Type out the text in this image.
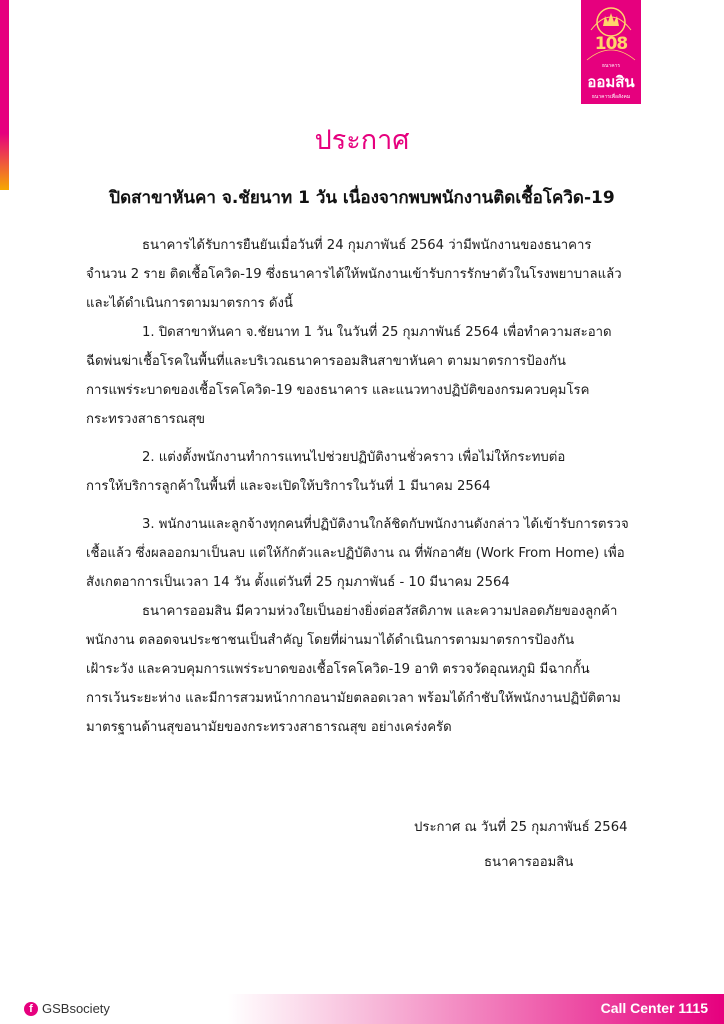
108
ธนาคาร
ออมสิน
ธนาคารเพื่อสังคม
ประกาศ
ปิดสาขาหันคา จ.ชัยนาท 1 วัน เนื่องจากพบพนักงานติดเชื้อโควิด-19

ธนาคารได้รับการยืนยันเมื่อวันที่ 24 กุมภาพันธ์ 2564 ว่ามีพนักงานของธนาคาร
จำนวน 2 ราย ติดเชื้อโควิด-19 ซึ่งธนาคารได้ให้พนักงานเข้ารับการรักษาตัวในโรงพยาบาลแล้ว
และได้ดำเนินการตามมาตรการ ดังนี้

1. ปิดสาขาหันคา จ.ชัยนาท 1 วัน ในวันที่ 25 กุมภาพันธ์ 2564 เพื่อทำความสะอาด
ฉีดพ่นฆ่าเชื้อโรคในพื้นที่และบริเวณธนาคารออมสินสาขาหันคา ตามมาตรการป้องกัน
การแพร่ระบาดของเชื้อโรคโควิด-19 ของธนาคาร และแนวทางปฏิบัติของกรมควบคุมโรค
กระทรวงสาธารณสุข

2. แต่งตั้งพนักงานทำการแทนไปช่วยปฏิบัติงานชั่วคราว เพื่อไม่ให้กระทบต่อ
การให้บริการลูกค้าในพื้นที่ และจะเปิดให้บริการในวันที่ 1 มีนาคม 2564

3. พนักงานและลูกจ้างทุกคนที่ปฏิบัติงานใกล้ชิดกับพนักงานดังกล่าว ได้เข้ารับการตรวจ
เชื้อแล้ว ซึ่งผลออกมาเป็นลบ แต่ให้กักตัวและปฏิบัติงาน ณ ที่พักอาศัย (Work From Home) เพื่อ
สังเกตอาการเป็นเวลา 14 วัน ตั้งแต่วันที่ 25 กุมภาพันธ์ - 10 มีนาคม 2564

ธนาคารออมสิน มีความห่วงใยเป็นอย่างยิ่งต่อสวัสดิภาพ และความปลอดภัยของลูกค้า
พนักงาน ตลอดจนประชาชนเป็นสำคัญ โดยที่ผ่านมาได้ดำเนินการตามมาตรการป้องกัน
เฝ้าระวัง และควบคุมการแพร่ระบาดของเชื้อโรคโควิด-19 อาทิ ตรวจวัดอุณหภูมิ มีฉากกั้น
การเว้นระยะห่าง และมีการสวมหน้ากากอนามัยตลอดเวลา พร้อมได้กำชับให้พนักงานปฏิบัติตาม
มาตรฐานด้านสุขอนามัยของกระทรวงสาธารณสุข อย่างเคร่งครัด

ประกาศ ณ วันที่ 25 กุมภาพันธ์ 2564
ธนาคารออมสิน
f GSBsociety	Call Center 1115
